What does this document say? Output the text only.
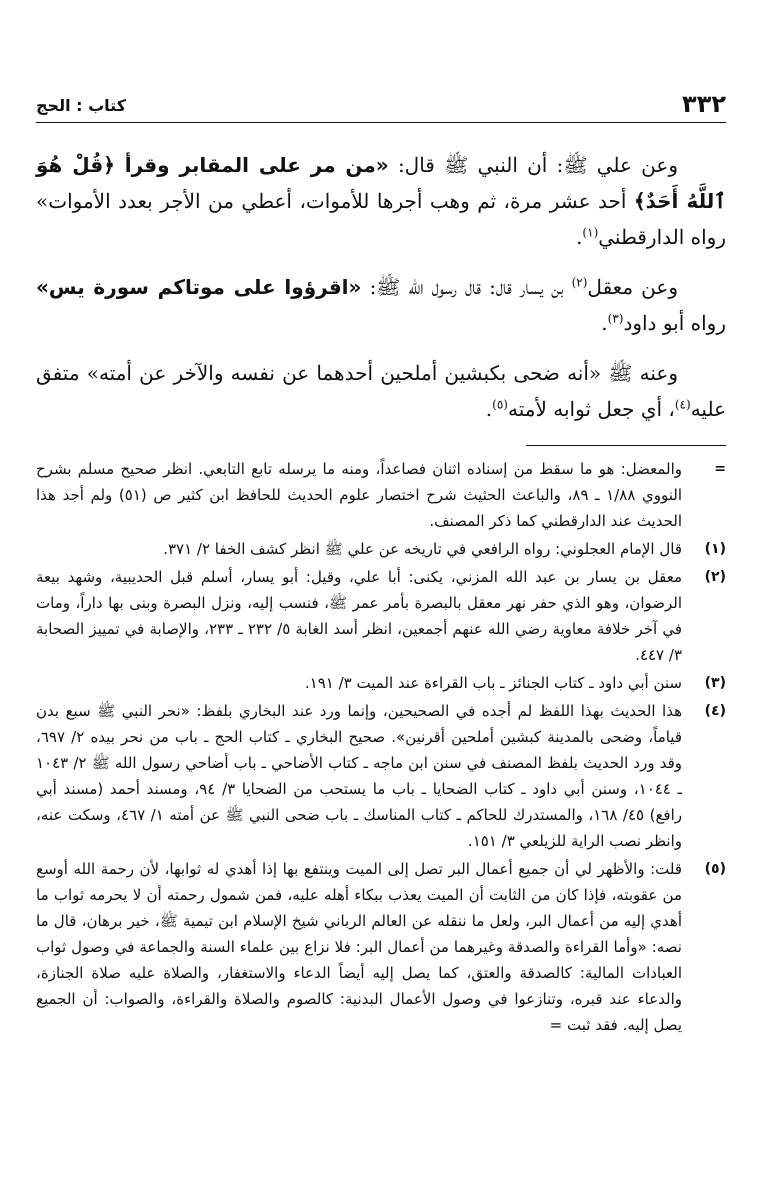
٣٣٢
كتاب : الحج

وعن علي ﷺ: أن النبي ﷺ قال: «من مر على المقابر وقرأ ﴿قُلْ هُوَ ٱللَّهُ أَحَدٌ﴾ أحد عشر مرة، ثم وهب أجرها للأموات، أعطي من الأجر بعدد الأموات» رواه الدارقطني$^{(١)}$.

وعن معقل$^{(٢)}$ بن يسار قال: قال رسول الله ﷺ: «اقرؤوا على موتاكم سورة يس» رواه أبو داود$^{(٣)}$.

وعنه ﷺ «أنه ضحى بكبشين أملحين أحدهما عن نفسه والآخر عن أمته» متفق عليه$^{(٤)}$، أي جعل ثوابه لأمته$^{(٥)}$.

=
والمعضل: هو ما سقط من إسناده اثنان فصاعداً، ومنه ما يرسله تابع التابعي. انظر صحيح مسلم بشرح النووي ١/٨٨ ـ ٨٩، والباعث الحثيث شرح اختصار علوم الحديث للحافظ ابن كثير ص (٥١) ولم أجد هذا الحديث عند الدارقطني كما ذكر المصنف.
(١)
قال الإمام العجلوني: رواه الرافعي في تاريخه عن علي ﷺ انظر كشف الخفا ٢/ ٣٧١.
(٢)
معقل بن يسار بن عبد الله المزني، يكنى: أبا علي، وقيل: أبو يسار، أسلم قبل الحديبية، وشهد بيعة الرضوان، وهو الذي حفر نهر معقل بالبصرة بأمر عمر ﷺ، فنسب إليه، ونزل البصرة وبنى بها داراً، ومات في آخر خلافة معاوية رضي الله عنهم أجمعين، انظر أسد الغابة ٥/ ٢٣٢ ـ ٢٣٣، والإصابة في تمييز الصحابة ٣/ ٤٤٧.
(٣)
سنن أبي داود ـ كتاب الجنائز ـ باب القراءة عند الميت ٣/ ١٩١.
(٤)
هذا الحديث بهذا اللفظ لم أجده في الصحيحين، وإنما ورد عند البخاري بلفظ: «نحر النبي ﷺ سبع بدن قياماً، وضحى بالمدينة كبشين أملحين أقرنين». صحيح البخاري ـ كتاب الحج ـ باب من نحر بيده ٢/ ٦٩٧، وقد ورد الحديث بلفظ المصنف في سنن ابن ماجه ـ كتاب الأضاحي ـ باب أضاحي رسول الله ﷺ ٢/ ١٠٤٣ ـ ١٠٤٤، وسنن أبي داود ـ كتاب الضحايا ـ باب ما يستحب من الضحايا ٣/ ٩٤، ومسند أحمد (مسند أبي رافع) ٤٥/ ١٦٨، والمستدرك للحاكم ـ كتاب المناسك ـ باب ضحى النبي ﷺ عن أمته ١/ ٤٦٧، وسكت عنه، وانظر نصب الراية للزيلعي ٣/ ١٥١.
(٥)
قلت: والأظهر لي أن جميع أعمال البر تصل إلى الميت وينتفع بها إذا أهدي له ثوابها، لأن رحمة الله أوسع من عقوبته، فإذا كان من الثابت أن الميت يعذب ببكاء أهله عليه، فمن شمول رحمته أن لا يحرمه ثواب ما أهدي إليه من أعمال البر، ولعل ما ننقله عن العالم الرباني شيخ الإسلام ابن تيمية ﷺ، خير برهان، قال ما نصه: «وأما القراءة والصدقة وغيرهما من أعمال البر: فلا نزاع بين علماء السنة والجماعة في وصول ثواب العبادات المالية: كالصدقة والعتق، كما يصل إليه أيضاً الدعاء والاستغفار، والصلاة عليه صلاة الجنازة، والدعاء عند قبره، وتنازعوا في وصول الأعمال البدنية: كالصوم والصلاة والقراءة، والصواب: أن الجميع يصل إليه. فقد ثبت =
